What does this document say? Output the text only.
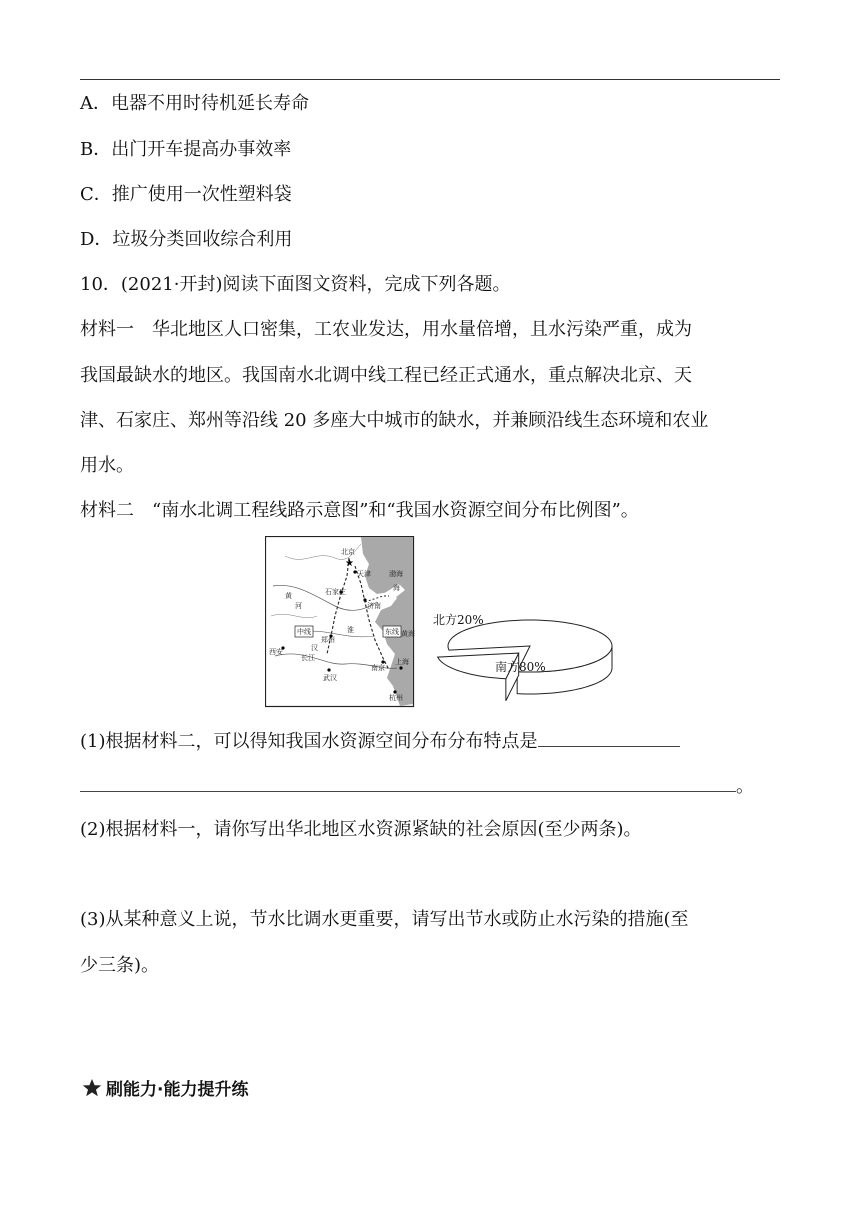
A．电器不用时待机延长寿命
B．出门开车提高办事效率
C．推广使用一次性塑料袋
D．垃圾分类回收综合利用
10．(2021·开封)阅读下面图文资料，完成下列各题。
材料一　华北地区人口密集，工农业发达，用水量倍增，且水污染严重，成为
我国最缺水的地区。我国南水北调中线工程已经正式通水，重点解决北京、天
津、石家庄、郑州等沿线 20 多座大中城市的缺水，并兼顾沿线生态环境和农业
用水。
材料二　“南水北调工程线路示意图”和“我国水资源空间分布比例图”。
★
北京
天津
石家庄
济南
郑州
西安
武汉
南京
上海
杭州
中线	东线
渤海
黄海
黄
河
海
淮
长江
汉
北方20%
南方80%
(1)根据材料二，可以得知我国水资源空间分布分布特点是
。
(2)根据材料一，请你写出华北地区水资源紧缺的社会原因(至少两条)。
(3)从某种意义上说，节水比调水更重要，请写出节水或防止水污染的措施(至
少三条)。
刷能力·能力提升练
